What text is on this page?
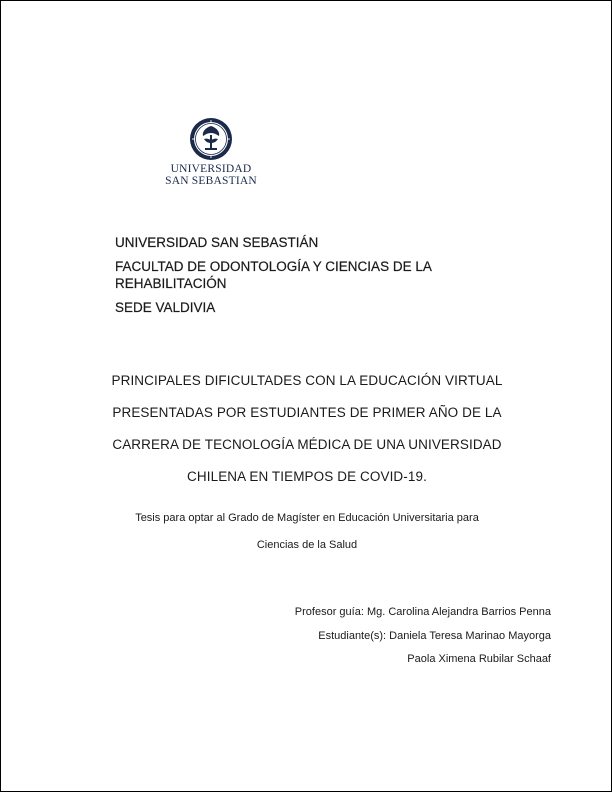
UNIVERSIDAD
SAN SEBASTIAN
UNIVERSIDAD SAN SEBASTIÁN
FACULTAD DE ODONTOLOGÍA Y CIENCIAS DE LA
REHABILITACIÓN
SEDE VALDIVIA
PRINCIPALES DIFICULTADES CON LA EDUCACIÓN VIRTUAL
PRESENTADAS POR ESTUDIANTES DE PRIMER AÑO DE LA
CARRERA DE TECNOLOGÍA MÉDICA DE UNA UNIVERSIDAD
CHILENA EN TIEMPOS DE COVID-19.
Tesis para optar al Grado de Magíster en Educación Universitaria para
Ciencias de la Salud
Profesor guía: Mg. Carolina Alejandra Barrios Penna
Estudiante(s): Daniela Teresa Marinao Mayorga
Paola Ximena Rubilar Schaaf
